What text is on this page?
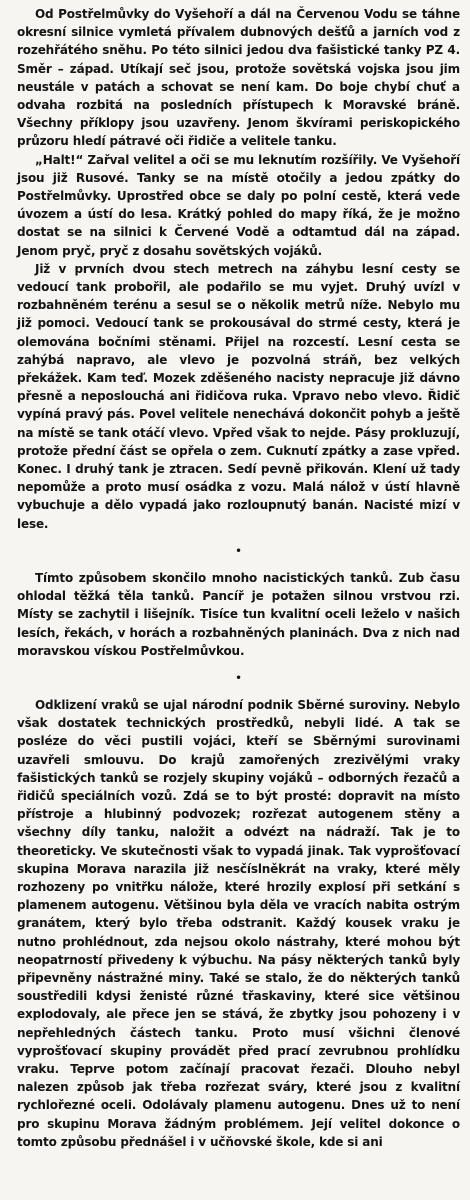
Od Postřelmůvky do Vyšehoří a dál na Červenou Vodu se táhne okresní silnice vymletá přívalem dubnových dešťů a jarních vod z rozehřátého sněhu. Po této silnici jedou dva fašistické tanky PZ 4. Směr – západ. Utíkají seč jsou, protože sovětská vojska jsou jim neustále v patách a schovat se není kam. Do boje chybí chuť a odvaha rozbitá na posledních přístupech k Moravské bráně. Všechny příklopy jsou uzavřeny. Jenom škvírami periskopického průzoru hledí pátravé oči řidiče a velitele tanku.

„Halt!“ Zařval velitel a oči se mu leknutím rozšířily. Ve Vyšehoří jsou již Rusové. Tanky se na místě otočily a jedou zpátky do Postřelmůvky. Uprostřed obce se daly po polní cestě, která vede úvozem a ústí do lesa. Krátký pohled do mapy říká, že je možno dostat se na silnici k Červené Vodě a odtamtud dál na západ. Jenom pryč, pryč z dosahu sovětských vojáků.

Již v prvních dvou stech metrech na záhybu lesní cesty se vedoucí tank probořil, ale podařilo se mu vyjet. Druhý uvízl v rozbahněném terénu a sesul se o několik metrů níže. Nebylo mu již pomoci. Vedoucí tank se prokousával do strmé cesty, která je olemována bočními stěnami. Přijel na rozcestí. Lesní cesta se zahýbá napravo, ale vlevo je pozvolná stráň, bez velkých překážek. Kam teď. Mozek zděšeného nacisty nepracuje již dávno přesně a neposlouchá ani řidičova ruka. Vpravo nebo vlevo. Řidič vypíná pravý pás. Povel velitele nenechává dokončit pohyb a ještě na místě se tank otáčí vlevo. Vpřed však to nejde. Pásy prokluzují, protože přední část se opřela o zem. Cuknutí zpátky a zase vpřed. Konec. I druhý tank je ztracen. Sedí pevně přikován. Klení už tady nepomůže a proto musí osádka z vozu. Malá nálož v ústí hlavně vybuchuje a dělo vypadá jako rozloupnutý banán. Nacisté mizí v lese.

•

Tímto způsobem skončilo mnoho nacistických tanků. Zub času ohlodal těžká těla tanků. Pancíř je potažen silnou vrstvou rzi. Místy se zachytil i lišejník. Tisíce tun kvalitní oceli leželo v našich lesích, řekách, v horách a rozbahněných planinách. Dva z nich nad moravskou vískou Postřelmůvkou.

•

Odklizení vraků se ujal národní podnik Sběrné suroviny. Nebylo však dostatek technických prostředků, nebyli lidé. A tak se posléze do věci pustili vojáci, kteří se Sběrnými surovinami uzavřeli smlouvu. Do krajů zamořených zrezivělými vraky fašistických tanků se rozjely skupiny vojáků – odborných řezačů a řidičů speciálních vozů. Zdá se to být prosté: dopravit na místo přístroje a hlubinný podvozek; rozřezat autogenem stěny a všechny díly tanku, naložit a odvézt na nádraží. Tak je to theoreticky. Ve skutečnosti však to vypadá jinak. Tak vyprošťovací skupina Morava narazila již nesčíslněkrát na vraky, které měly rozhozeny po vnitřku nálože, které hrozily explosí při setkání s plamenem autogenu. Většinou byla děla ve vracích nabita ostrým granátem, který bylo třeba odstranit. Každý kousek vraku je nutno prohlédnout, zda nejsou okolo nástrahy, které mohou být neopatrností přivedeny k výbuchu. Na pásy některých tanků byly připevněny nástražné miny. Také se stalo, že do některých tanků soustředili kdysi ženisté různé třaskaviny, které sice většinou explodovaly, ale přece jen se stává, že zbytky jsou pohozeny i v nepřehledných částech tanku. Proto musí všichni členové vyprošťovací skupiny provádět před prací zevrubnou prohlídku vraku. Teprve potom začínají pracovat řezači. Dlouho nebyl nalezen způsob jak třeba rozřezat sváry, které jsou z kvalitní rychlořezné oceli. Odolávaly plamenu autogenu. Dnes už to není pro skupinu Morava žádným problémem. Její velitel dokonce o tomto způsobu přednášel i v učňovské škole, kde si ani
